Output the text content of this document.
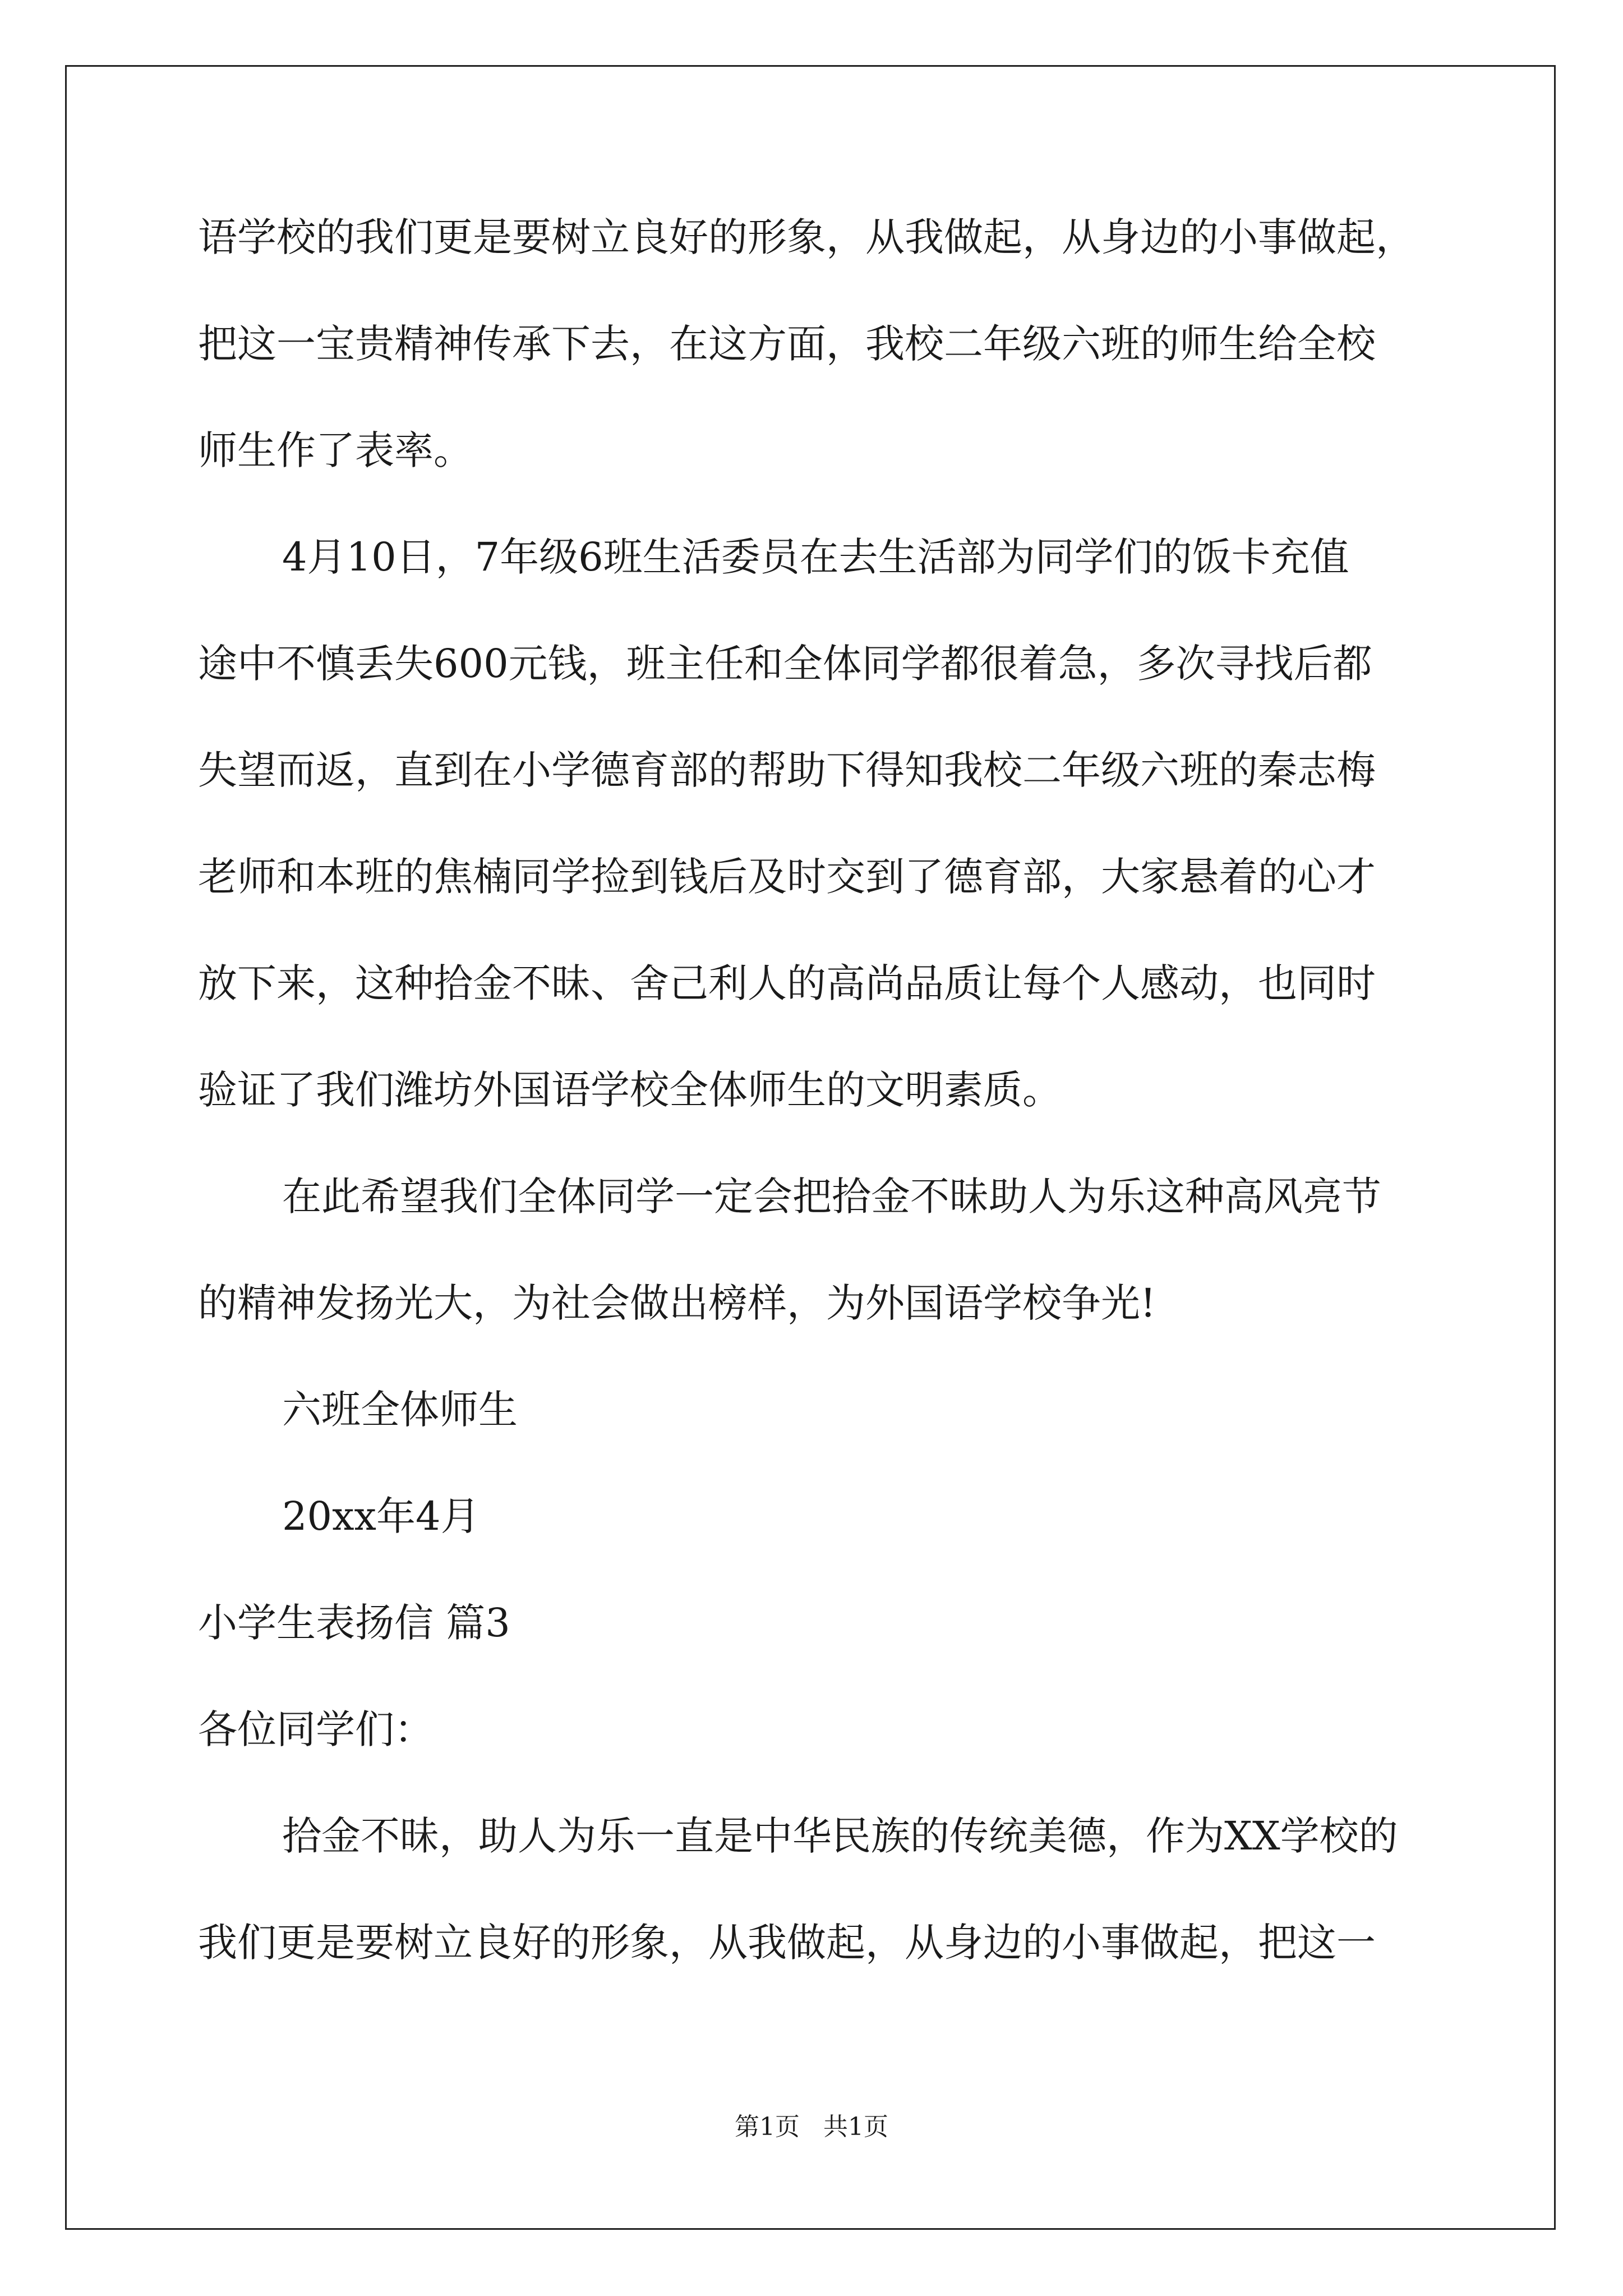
语学校的我们更是要树立良好的形象，从我做起，从身边的小事做起，
把这一宝贵精神传承下去，在这方面，我校二年级六班的师生给全校
师生作了表率。
4月10日，7年级6班生活委员在去生活部为同学们的饭卡充值
途中不慎丢失600元钱，班主任和全体同学都很着急，多次寻找后都
失望而返，直到在小学德育部的帮助下得知我校二年级六班的秦志梅
老师和本班的焦楠同学捡到钱后及时交到了德育部，大家悬着的心才
放下来，这种拾金不昧、舍己利人的高尚品质让每个人感动，也同时
验证了我们潍坊外国语学校全体师生的文明素质。
在此希望我们全体同学一定会把拾金不昧助人为乐这种高风亮节
的精神发扬光大，为社会做出榜样，为外国语学校争光!
六班全体师生
20xx年4月
小学生表扬信 篇3
各位同学们：
拾金不昧，助人为乐一直是中华民族的传统美德，作为XX学校的
我们更是要树立良好的形象，从我做起，从身边的小事做起，把这一
第1页   共1页
